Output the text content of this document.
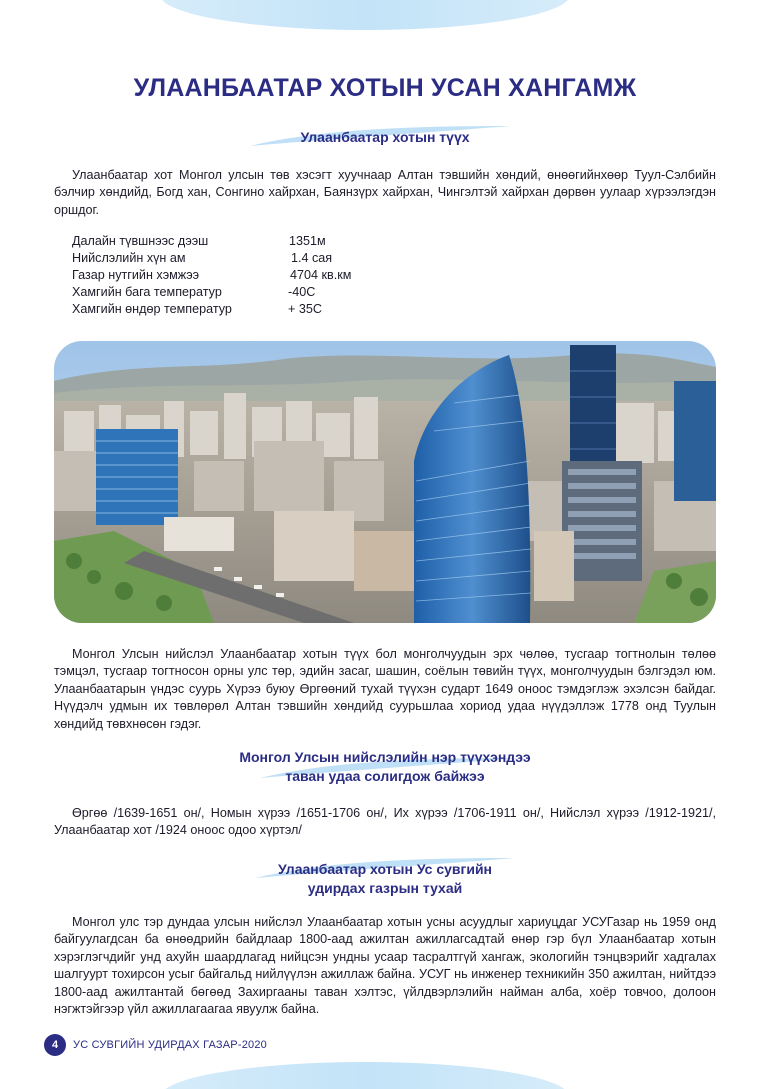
УЛААНБААТАР ХОТЫН УСАН ХАНГАМЖ
Улаанбаатар хотын түүх

Улаанбаатар хот Монгол улсын төв хэсэгт хуучнаар Алтан тэвшийн хөндий, өнөөгийнхөөр Туул-Сэлбийн бэлчир хөндийд, Богд хан, Сонгино хайрхан, Баянзүрх хайрхан, Чингэлтэй хайрхан дөрвөн уулаар хүрээлэгдэн оршдог.

Далайн түвшнээс дээш	1351м
Нийслэлийн хүн ам	1.4 сая
Газар нутгийн хэмжээ	4704 кв.км
Хамгийн бага температур	-40С
Хамгийн өндөр температур	+ 35С

Монгол Улсын нийслэл Улаанбаатар хотын түүх бол монголчуудын эрх чөлөө, тусгаар тогтнолын төлөө тэмцэл, тусгаар тогтносон орны улс төр, эдийн засаг, шашин, соёлын төвийн түүх, монголчуудын бэлгэдэл юм. Улаанбаатарын үндэс суурь Хүрээ буюу Өргөөний тухай түүхэн сударт 1649 оноос тэмдэглэж эхэлсэн байдаг. Нүүдэлч удмын их төвлөрөл Алтан тэвшийн хөндийд суурьшлаа хориод удаа нүүдэллэж 1778 онд Туулын хөндийд төвхнөсөн гэдэг.

Монгол Улсын нийслэлийн нэр түүхэндээ
таван удаа солигдож байжээ

Өргөө /1639-1651 он/, Номын хүрээ /1651-1706 он/, Их хүрээ /1706-1911 он/, Нийслэл хүрээ /1912-1921/, Улаанбаатар хот /1924 оноос одоо хүртэл/

Улаанбаатар хотын Ус сувгийн
удирдах газрын тухай

Монгол улс тэр дундаа улсын нийслэл Улаанбаатар хотын усны асуудлыг хариуцдаг УСУГазар нь 1959 онд байгуулагдсан ба өнөөдрийн байдлаар 1800-аад ажилтан ажиллагсадтай өнөр гэр бүл Улаанбаатар хотын хэрэглэгчдийг унд ахуйн шаардлагад нийцсэн ундны усаар тасралтгүй хангаж, экологийн тэнцвэрийг хадгалах шалгуурт тохирсон усыг байгальд нийлүүлэн ажиллаж байна. УСУГ нь инженер техникийн 350 ажилтан, нийтдээ 1800-аад ажилтантай бөгөөд Захиргааны таван хэлтэс, үйлдвэрлэлийн найман алба, хоёр товчоо, долоон нэгжтэйгээр үйл ажиллагаагаа явуулж байна.

4	УС СУВГИЙН УДИРДАХ ГАЗАР-2020
